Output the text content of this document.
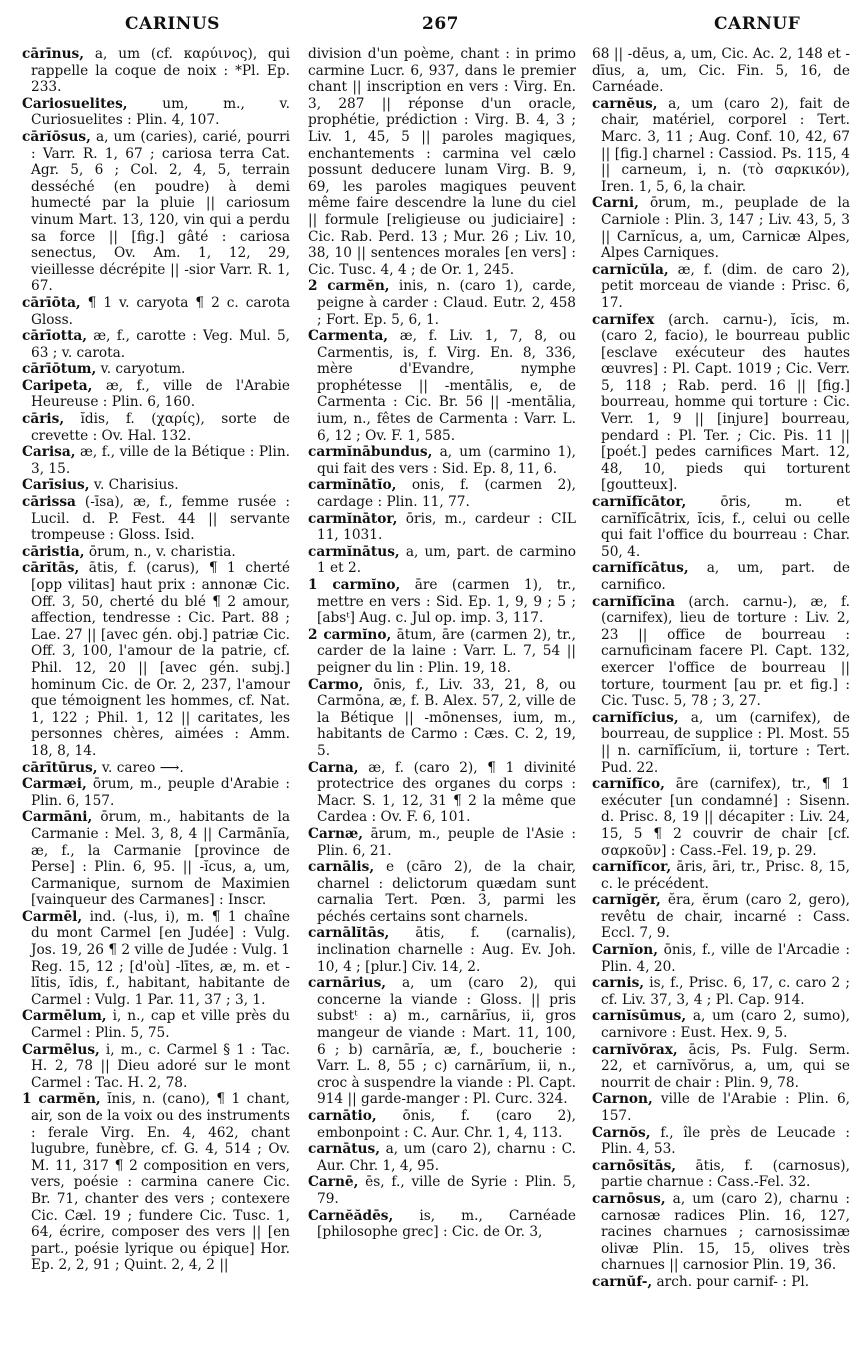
CARINUS	267	CARNUF

cārīnus, a, um (cf. καρύινος), qui rappelle la coque de noix : *Pl. Ep. 233.

Cariosuelites, um, m., v. Curiosuelites : Plin. 4, 107.

cārĭōsus, a, um (caries), carié, pourri : Varr. R. 1, 67 ; cariosa terra Cat. Agr. 5, 6 ; Col. 2, 4, 5, terrain desséché (en poudre) à demi humecté par la pluie || cariosum vinum Mart. 13, 120, vin qui a perdu sa force || [fig.] gâté : cariosa senectus, Ov. Am. 1, 12, 29, vieillesse décrépite || -sior Varr. R. 1, 67.

cārīōta, ¶ 1 v. caryota ¶ 2 c. carota Gloss.

cārīotta, æ, f., carotte : Veg. Mul. 5, 63 ; v. carota.

cārīōtum, v. caryotum.

Caripeta, æ, f., ville de l'Arabie Heureuse : Plin. 6, 160.

cāris, ĭdis, f. (χαρίς), sorte de crevette : Ov. Hal. 132.

Carisa, æ, f., ville de la Bétique : Plin. 3, 15.

Carīsius, v. Charisius.

cārissa (-īsa), æ, f., femme rusée : Lucil. d. P. Fest. 44 || servante trompeuse : Gloss. Isid.

cāristia, ōrum, n., v. charistia.

cārĭtās, ātis, f. (carus), ¶ 1 cherté [opp vilitas] haut prix : annonæ Cic. Off. 3, 50, cherté du blé ¶ 2 amour, affection, tendresse : Cic. Part. 88 ; Lae. 27 || [avec gén. obj.] patriæ Cic. Off. 3, 100, l'amour de la patrie, cf. Phil. 12, 20 || [avec gén. subj.] hominum Cic. de Or. 2, 237, l'amour que témoignent les hommes, cf. Nat. 1, 122 ; Phil. 1, 12 || caritates, les personnes chères, aimées : Amm. 18, 8, 14.

cārītūrus, v. careo ⟶.

Carmæi, ōrum, m., peuple d'Arabie : Plin. 6, 157.

Carmāni, ōrum, m., habitants de la Carmanie : Mel. 3, 8, 4 || Carmānĭa, æ, f., la Carmanie [province de Perse] : Plin. 6, 95. || -ĭcus, a, um, Carmanique, surnom de Maximien [vainqueur des Carmanes] : Inscr.

Carmēl, ind. (-lus, i), m. ¶ 1 chaîne du mont Carmel [en Judée] : Vulg. Jos. 19, 26 ¶ 2 ville de Judée : Vulg. 1 Reg. 15, 12 ; [d'où] -lītes, æ, m. et -lītis, ĭdis, f., habitant, habitante de Carmel : Vulg. 1 Par. 11, 37 ; 3, 1.

Carmēlum, i, n., cap et ville près du Carmel : Plin. 5, 75.

Carmēlus, i, m., c. Carmel § 1 : Tac. H. 2, 78 || Dieu adoré sur le mont Carmel : Tac. H. 2, 78.

1 carmĕn, ĭnis, n. (cano), ¶ 1 chant, air, son de la voix ou des instruments : ferale Virg. En. 4, 462, chant lugubre, funèbre, cf. G. 4, 514 ; Ov. M. 11, 317 ¶ 2 composition en vers, vers, poésie : carmina canere Cic. Br. 71, chanter des vers ; contexere Cic. Cæl. 19 ; fundere Cic. Tusc. 1, 64, écrire, composer des vers || [en part., poésie lyrique ou épique] Hor. Ep. 2, 2, 91 ; Quint. 2, 4, 2 ||

division d'un poème, chant : in primo carmine Lucr. 6, 937, dans le premier chant || inscription en vers : Virg. En. 3, 287 || réponse d'un oracle, prophétie, prédiction : Virg. B. 4, 3 ; Liv. 1, 45, 5 || paroles magiques, enchantements : carmina vel cælo possunt deducere lunam Virg. B. 9, 69, les paroles magiques peuvent même faire descendre la lune du ciel || formule [religieuse ou judiciaire] : Cic. Rab. Perd. 13 ; Mur. 26 ; Liv. 10, 38, 10 || sentences morales [en vers] : Cic. Tusc. 4, 4 ; de Or. 1, 245.

2 carmĕn, inis, n. (caro 1), carde, peigne à carder : Claud. Eutr. 2, 458 ; Fort. Ep. 5, 6, 1.

Carmenta, æ, f. Liv. 1, 7, 8, ou Carmentis, is, f. Virg. En. 8, 336, mère d'Evandre, nymphe prophétesse || -mentālis, e, de Carmenta : Cic. Br. 56 || -mentālia, ium, n., fêtes de Carmenta : Varr. L. 6, 12 ; Ov. F. 1, 585.

carmĭnābundus, a, um (carmino 1), qui fait des vers : Sid. Ep. 8, 11, 6.

carmĭnātĭo, onis, f. (carmen 2), cardage : Plin. 11, 77.

carmĭnātor, ōris, m., cardeur : CIL 11, 1031.

carmĭnātus, a, um, part. de carmino 1 et 2.

1 carmĭno, āre (carmen 1), tr., mettre en vers : Sid. Ep. 1, 9, 9 ; 5 ; [absᵗ] Aug. c. Jul op. imp. 3, 117.

2 carmĭno, ātum, āre (carmen 2), tr., carder de la laine : Varr. L. 7, 54 || peigner du lin : Plin. 19, 18.

Carmo, ōnis, f., Liv. 33, 21, 8, ou Carmōna, æ, f. B. Alex. 57, 2, ville de la Bétique || -mōnenses, ium, m., habitants de Carmo : Cæs. C. 2, 19, 5.

Carna, æ, f. (caro 2), ¶ 1 divinité protectrice des organes du corps : Macr. S. 1, 12, 31 ¶ 2 la même que Cardea : Ov. F. 6, 101.

Carnæ, ārum, m., peuple de l'Asie : Plin. 6, 21.

carnālis, e (cāro 2), de la chair, charnel : delictorum quædam sunt carnalia Tert. Pœn. 3, parmi les péchés certains sont charnels.

carnālĭtās, ātis, f. (carnalis), inclination charnelle : Aug. Ev. Joh. 10, 4 ; [plur.] Civ. 14, 2.

carnārius, a, um (caro 2), qui concerne la viande : Gloss. || pris substᵗ : a) m., carnārĭus, ii, gros mangeur de viande : Mart. 11, 100, 6 ; b) carnārĭa, æ, f., boucherie : Varr. L. 8, 55 ; c) carnārĭum, ii, n., croc à suspendre la viande : Pl. Capt. 914 || garde-manger : Pl. Curc. 324.

carnātio, ōnis, f. (caro 2), embonpoint : C. Aur. Chr. 1, 4, 113.

carnātus, a, um (caro 2), charnu : C. Aur. Chr. 1, 4, 95.

Carnē, ēs, f., ville de Syrie : Plin. 5, 79.

Carnĕădēs, is, m., Carnéade [philosophe grec] : Cic. de Or. 3,

68 || -dēus, a, um, Cic. Ac. 2, 148 et -dīus, a, um, Cic. Fin. 5, 16, de Carnéade.

carnĕus, a, um (caro 2), fait de chair, matériel, corporel : Tert. Marc. 3, 11 ; Aug. Conf. 10, 42, 67 || [fig.] charnel : Cassiod. Ps. 115, 4 || carneum, i, n. (τὸ σαρκικόν), Iren. 1, 5, 6, la chair.

Carni, ōrum, m., peuplade de la Carniole : Plin. 3, 147 ; Liv. 43, 5, 3 || Carnĭcus, a, um, Carnicæ Alpes, Alpes Carniques.

carnĭcŭla, æ, f. (dim. de caro 2), petit morceau de viande : Prisc. 6, 17.

carnĭfex (arch. carnu-), ĭcis, m. (caro 2, facio), le bourreau public [esclave exécuteur des hautes œuvres] : Pl. Capt. 1019 ; Cic. Verr. 5, 118 ; Rab. perd. 16 || [fig.] bourreau, homme qui torture : Cic. Verr. 1, 9 || [injure] bourreau, pendard : Pl. Ter. ; Cic. Pis. 11 || [poét.] pedes carnifices Mart. 12, 48, 10, pieds qui torturent [goutteux].

carnĭfĭcātor, ōris, m. et carnĭfĭcātrix, ĭcis, f., celui ou celle qui fait l'office du bourreau : Char. 50, 4.

carnĭfĭcātus, a, um, part. de carnifico.

carnĭfĭcīna (arch. carnu-), æ, f. (carnifex), lieu de torture : Liv. 2, 23 || office de bourreau : carnuficinam facere Pl. Capt. 132, exercer l'office de bourreau || torture, tourment [au pr. et fig.] : Cic. Tusc. 5, 78 ; 3, 27.

carnĭfĭcius, a, um (carnifex), de bourreau, de supplice : Pl. Most. 55 || n. carnĭfĭcĭum, ii, torture : Tert. Pud. 22.

carnĭfĭco, āre (carnifex), tr., ¶ 1 exécuter [un condamné] : Sisenn. d. Prisc. 8, 19 || décapiter : Liv. 24, 15, 5 ¶ 2 couvrir de chair [cf. σαρκοῦν] : Cass.-Fel. 19, p. 29.

carnĭfĭcor, āris, āri, tr., Prisc. 8, 15, c. le précédent.

carnĭgĕr, ĕra, ĕrum (caro 2, gero), revêtu de chair, incarné : Cass. Eccl. 7, 9.

Carnĭon, ōnis, f., ville de l'Arcadie : Plin. 4, 20.

carnis, is, f., Prisc. 6, 17, c. caro 2 ; cf. Liv. 37, 3, 4 ; Pl. Cap. 914.

carnĭsūmus, a, um (caro 2, sumo), carnivore : Eust. Hex. 9, 5.

carnĭvŏrax, ācis, Ps. Fulg. Serm. 22, et carnĭvŏrus, a, um, qui se nourrit de chair : Plin. 9, 78.

Carnon, ville de l'Arabie : Plin. 6, 157.

Carnŏs, f., île près de Leucade : Plin. 4, 53.

carnōsĭtās, ātis, f. (carnosus), partie charnue : Cass.-Fel. 32.

carnōsus, a, um (caro 2), charnu : carnosæ radices Plin. 16, 127, racines charnues ; carnosissimæ olivæ Plin. 15, 15, olives très charnues || carnosior Plin. 19, 36.

carnŭf-, arch. pour carnif- : Pl.
